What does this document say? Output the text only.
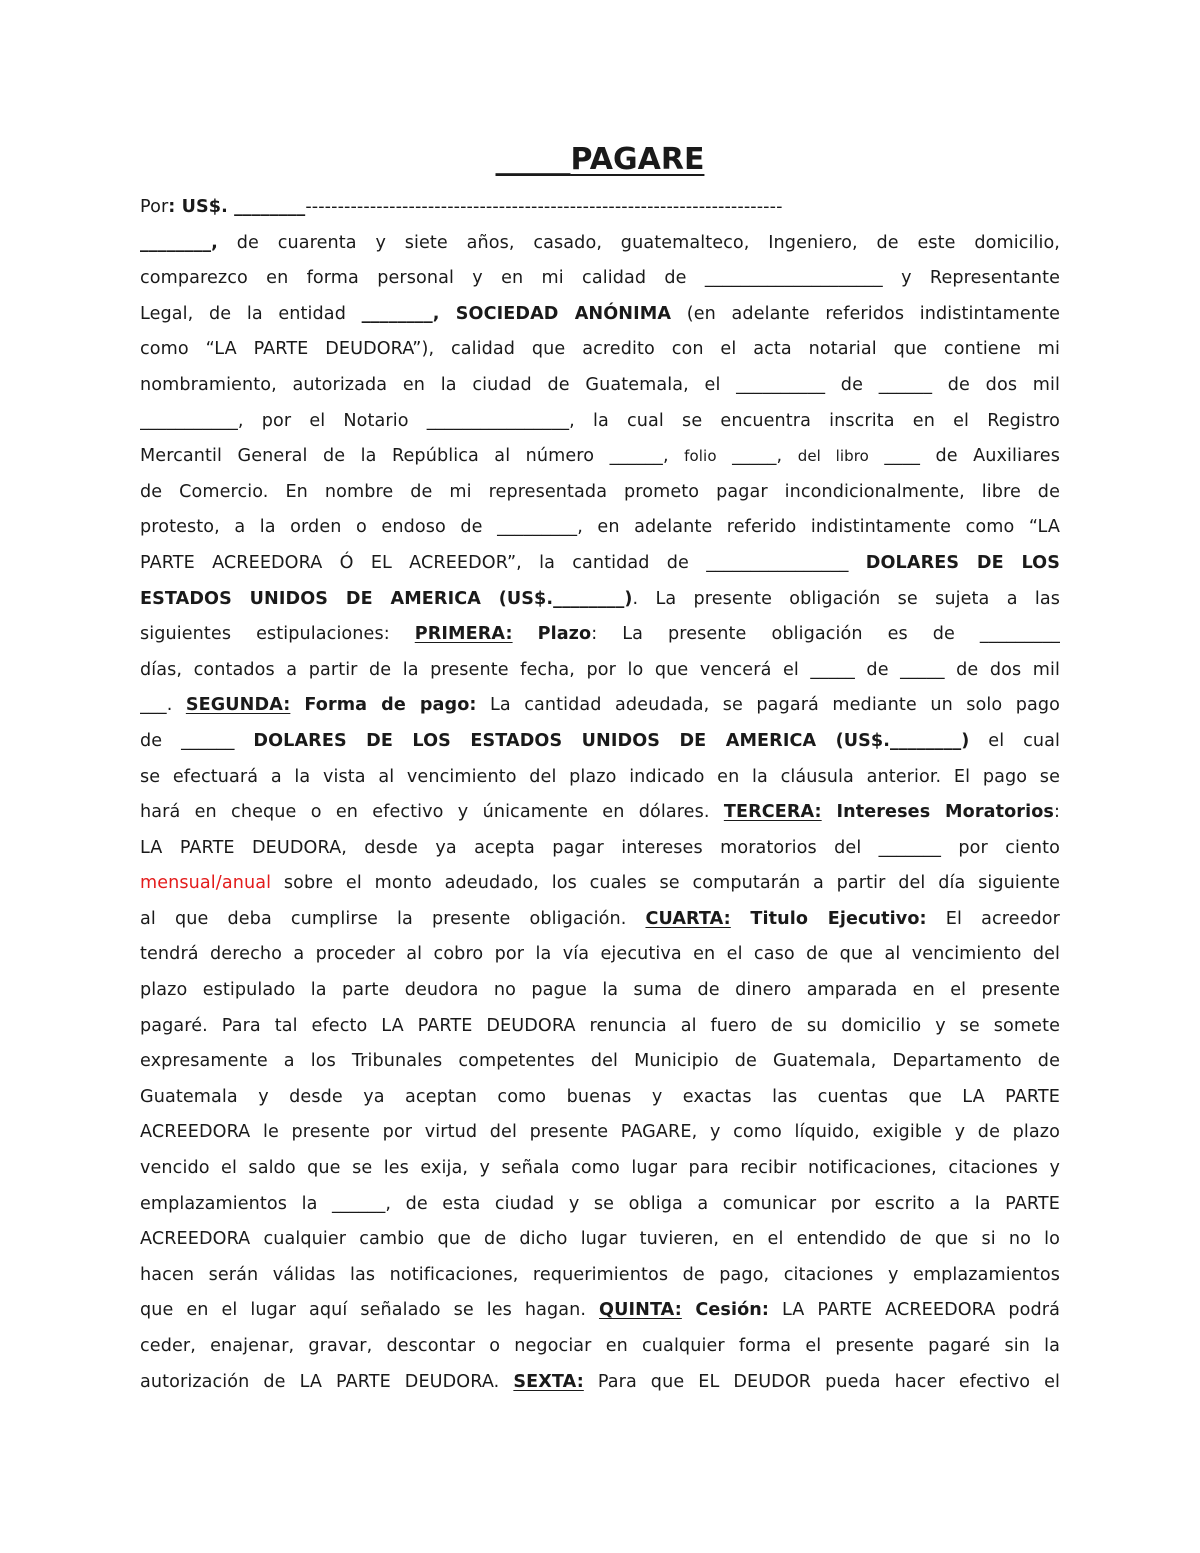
_____PAGARE
Por: US$. ________--------------------------------------------------------------------------
________, de cuarenta y siete años, casado, guatemalteco, Ingeniero, de este domicilio,
comparezco en forma personal y en mi calidad de ____________________ y Representante
Legal, de la entidad ________, SOCIEDAD ANÓNIMA (en adelante referidos indistintamente
como “LA PARTE DEUDORA”), calidad que acredito con el acta notarial que contiene mi
nombramiento, autorizada en la ciudad de Guatemala, el __________ de ______ de dos mil
___________, por el Notario ________________, la cual se encuentra inscrita en el Registro
Mercantil General de la República al número ______, folio _____, del libro ____ de Auxiliares
de Comercio. En nombre de mi representada prometo pagar incondicionalmente, libre de
protesto, a la orden o endoso de _________, en adelante referido indistintamente como “LA
PARTE ACREEDORA Ó EL ACREEDOR”, la cantidad de ________________ DOLARES DE LOS
ESTADOS UNIDOS DE AMERICA (US$.________). La presente obligación se sujeta a las
siguientes estipulaciones: PRIMERA: Plazo: La presente obligación es de _________
días, contados a partir de la presente fecha, por lo que vencerá el _____ de _____ de dos mil
___. SEGUNDA: Forma de pago: La cantidad adeudada, se pagará mediante un solo pago
de ______ DOLARES DE LOS ESTADOS UNIDOS DE AMERICA (US$.________) el cual
se efectuará a la vista al vencimiento del plazo indicado en la cláusula anterior. El pago se
hará en cheque o en efectivo y únicamente en dólares. TERCERA: Intereses Moratorios:
LA PARTE DEUDORA, desde ya acepta pagar intereses moratorios del _______ por ciento
mensual/anual sobre el monto adeudado, los cuales se computarán a partir del día siguiente
al que deba cumplirse la presente obligación. CUARTA: Titulo Ejecutivo: El acreedor
tendrá derecho a proceder al cobro por la vía ejecutiva en el caso de que al vencimiento del
plazo estipulado la parte deudora no pague la suma de dinero amparada en el presente
pagaré. Para tal efecto LA PARTE DEUDORA renuncia al fuero de su domicilio y se somete
expresamente a los Tribunales competentes del Municipio de Guatemala, Departamento de
Guatemala y desde ya aceptan como buenas y exactas las cuentas que LA PARTE
ACREEDORA le presente por virtud del presente PAGARE, y como líquido, exigible y de plazo
vencido el saldo que se les exija, y señala como lugar para recibir notificaciones, citaciones y
emplazamientos la ______, de esta ciudad y se obliga a comunicar por escrito a la PARTE
ACREEDORA cualquier cambio que de dicho lugar tuvieren, en el entendido de que si no lo
hacen serán válidas las notificaciones, requerimientos de pago, citaciones y emplazamientos
que en el lugar aquí señalado se les hagan. QUINTA: Cesión: LA PARTE ACREEDORA podrá
ceder, enajenar, gravar, descontar o negociar en cualquier forma el presente pagaré sin la
autorización de LA PARTE DEUDORA. SEXTA: Para que EL DEUDOR pueda hacer efectivo el
